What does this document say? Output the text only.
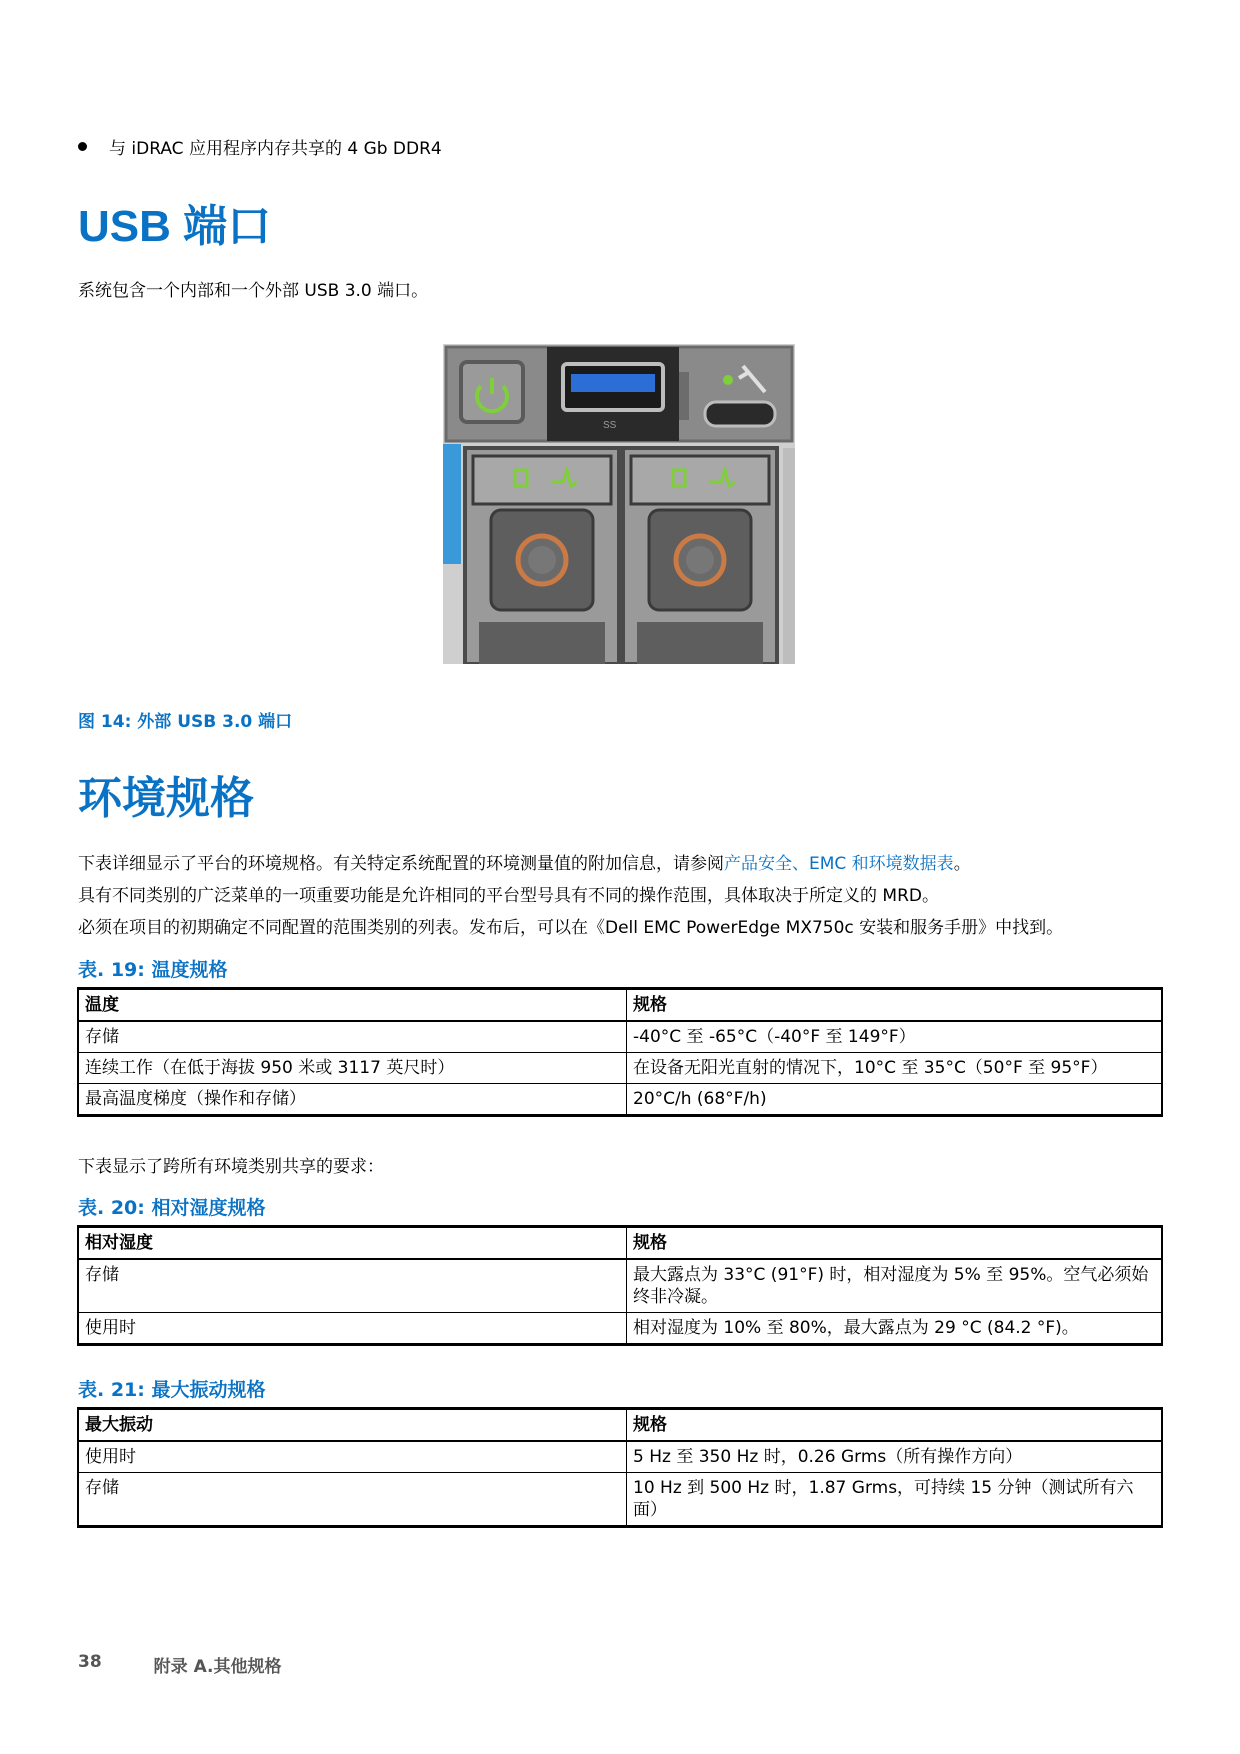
与 iDRAC 应用程序内存共享的 4 Gb DDR4
USB 端口
系统包含一个内部和一个外部 USB 3.0 端口。
SS
图 14: 外部 USB 3.0 端口
环境规格
下表详细显示了平台的环境规格。有关特定系统配置的环境测量值的附加信息，请参阅产品安全、EMC 和环境数据表。
具有不同类别的广泛菜单的一项重要功能是允许相同的平台型号具有不同的操作范围，具体取决于所定义的 MRD。
必须在项目的初期确定不同配置的范围类别的列表。发布后，可以在《Dell EMC PowerEdge MX750c 安装和服务手册》中找到。
表. 19: 温度规格
温度	规格
存储	-40°C 至 -65°C（-40°F 至 149°F）
连续工作（在低于海拔 950 米或 3117 英尺时）	在设备无阳光直射的情况下，10°C 至 35°C（50°F 至 95°F）
最高温度梯度（操作和存储）	20°C/h (68°F/h)
下表显示了跨所有环境类别共享的要求：
表. 20: 相对湿度规格
相对湿度	规格
存储	最大露点为 33°C (91°F) 时，相对湿度为 5% 至 95%。空气必须始终非冷凝。
使用时	相对湿度为 10% 至 80%，最大露点为 29 °C (84.2 °F)。
表. 21: 最大振动规格
最大振动	规格
使用时	5 Hz 至 350 Hz 时，0.26 Grms（所有操作方向）
存储	10 Hz 到 500 Hz 时，1.87 Grms，可持续 15 分钟（测试所有六面）
38	附录 A.其他规格
